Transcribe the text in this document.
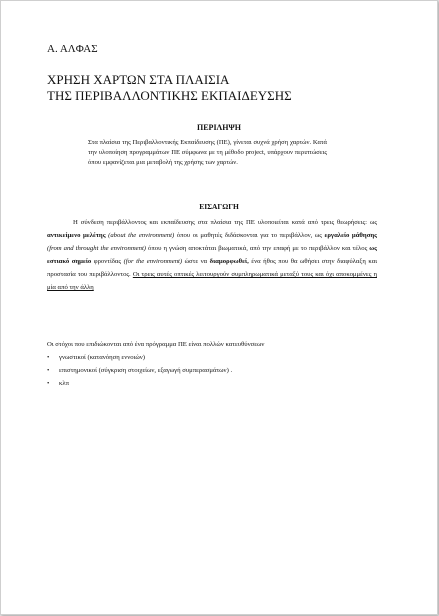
Α. ΑΛΦΑΣ
ΧΡΗΣΗ ΧΑΡΤΩΝ ΣΤΑ ΠΛΑΙΣΙΑ
ΤΗΣ ΠΕΡΙΒΑΛΛΟΝΤΙΚΗΣ ΕΚΠΑΙΔΕΥΣΗΣ
ΠΕΡΙΛΗΨΗ
Στα πλαίσια της Περιβαλλοντικής Εκπαίδευσης (ΠΕ), γίνεται συχνά χρήση χαρτών. Κατά την υλοποίηση προγραμμάτων ΠΕ σύμφωνα με τη μέθοδο project, υπάρχουν περιπτώσεις όπου εμφανίζεται μια μεταβολή της χρήσης των χαρτών.
ΕΙΣΑΓΩΓΗ

Η σύνδεση περιβάλλοντος και εκπαίδευσης στα πλαίσια της ΠΕ υλοποιείται κατά από τρεις θεωρήσεις: ως αντικείμενο μελέτης (about the environment) όπου οι μαθητές διδάσκονται για το περιβάλλον, ως εργαλείο μάθησης (from and throught the environment) όπου η γνώση αποκτάται βιωματικά, από την επαφή με το περιβάλλον και τέλος ως εστιακό σημείο φροντίδας (for the environment) ώστε να διαμορφωθεί, ένα ήθος που θα ωθήσει στην διαφύλαξη και προστασία του περιβάλλοντος. Οι τρεις αυτές οπτικές λειτουργούν συμπληρωματικά μεταξύ τους και όχι αποκομμένες η μία από την άλλη

Οι στόχοι που επιδιώκονται από ένα πρόγραμμα ΠΕ είναι πολλών κατευθύνσεων

• γνωστικοί (κατανόηση εννοιών)
• επιστημονικοί (σύγκριση στοιχείων, εξαγωγή συμπερασμάτων) .
• κλπ
